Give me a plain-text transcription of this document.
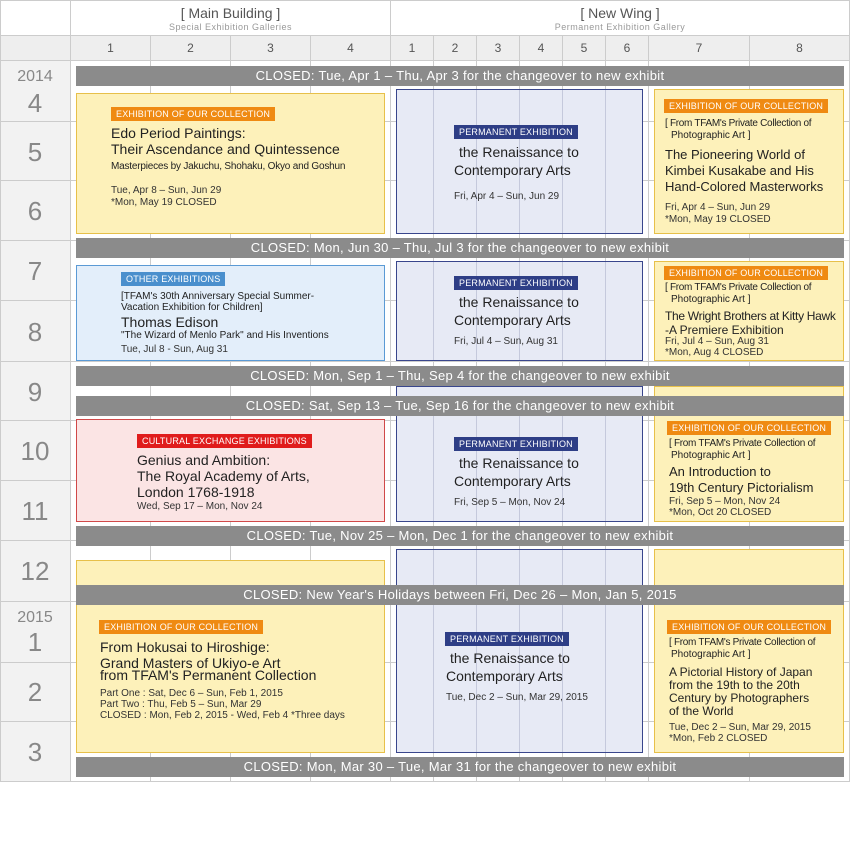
[ Main Building ]
Special Exhibition Galleries
[ New Wing ]
Permanent Exhibition Gallery
1	2	3	4	1	2	3	4	5	6	7	8
2014
4
5
6
7
8
9
10
11
12
2015
1
2
3
CLOSED: Tue, Apr 1 – Thu, Apr 3 for the changeover to new exhibit
CLOSED: Mon, Jun 30 – Thu, Jul 3 for the changeover to new exhibit
CLOSED: Mon, Sep 1 – Thu, Sep 4 for the changeover to new exhibit
CLOSED: Sat, Sep 13 – Tue, Sep 16 for the changeover to new exhibit
CLOSED: Tue, Nov 25 – Mon, Dec 1 for the changeover to new exhibit
CLOSED: New Year's Holidays between Fri, Dec 26 – Mon, Jan 5, 2015
CLOSED: Mon, Mar 30 – Tue, Mar 31 for the changeover to new exhibit
EXHIBITION OF OUR COLLECTION
Edo Period Paintings:
Their Ascendance and Quintessence
Masterpieces by Jakuchu, Shohaku, Okyo and Goshun
Tue, Apr 8 – Sun, Jun 29
*Mon, May 19 CLOSED
OTHER EXHIBITIONS
[TFAM's 30th Anniversary Special Summer-
Vacation Exhibition for Children]
Thomas Edison
"The Wizard of Menlo Park" and His Inventions
Tue, Jul 8 - Sun, Aug 31
CULTURAL EXCHANGE EXHIBITIONS
Genius and Ambition:
The Royal Academy of Arts,
London 1768-1918
Wed, Sep 17 – Mon, Nov 24
EXHIBITION OF OUR COLLECTION
From Hokusai to Hiroshige:
Grand Masters of Ukiyo-e Art
from TFAM's Permanent Collection
Part One : Sat, Dec 6 – Sun, Feb 1, 2015
Part Two : Thu, Feb 5 – Sun, Mar 29
CLOSED : Mon, Feb 2, 2015 - Wed, Feb 4 *Three days
PERMANENT EXHIBITION
the Renaissance to
Contemporary Arts
Fri, Apr 4 – Sun, Jun 29
PERMANENT EXHIBITION
the Renaissance to
Contemporary Arts
Fri, Jul 4 – Sun, Aug 31
PERMANENT EXHIBITION
the Renaissance to
Contemporary Arts
Fri, Sep 5 – Mon, Nov 24
PERMANENT EXHIBITION
the Renaissance to
Contemporary Arts
Tue, Dec 2 – Sun, Mar 29, 2015
EXHIBITION OF OUR COLLECTION
[ From TFAM's Private Collection of
Photographic Art ]
The Pioneering World of
Kimbei Kusakabe and His
Hand-Colored Masterworks
Fri, Apr 4 – Sun, Jun 29
*Mon, May 19 CLOSED
EXHIBITION OF OUR COLLECTION
[ From TFAM's Private Collection of
Photographic Art ]
The Wright Brothers at Kitty Hawk
-A Premiere Exhibition
Fri, Jul 4 – Sun, Aug 31
*Mon, Aug 4 CLOSED
EXHIBITION OF OUR COLLECTION
[ From TFAM's Private Collection of
Photographic Art ]
An Introduction to
19th Century Pictorialism
Fri, Sep 5 – Mon, Nov 24
*Mon, Oct 20 CLOSED
EXHIBITION OF OUR COLLECTION
[ From TFAM's Private Collection of
Photographic Art ]
A Pictorial History of Japan
from the 19th to the 20th
Century by Photographers
of the World
Tue, Dec 2 – Sun, Mar 29, 2015
*Mon, Feb 2 CLOSED
